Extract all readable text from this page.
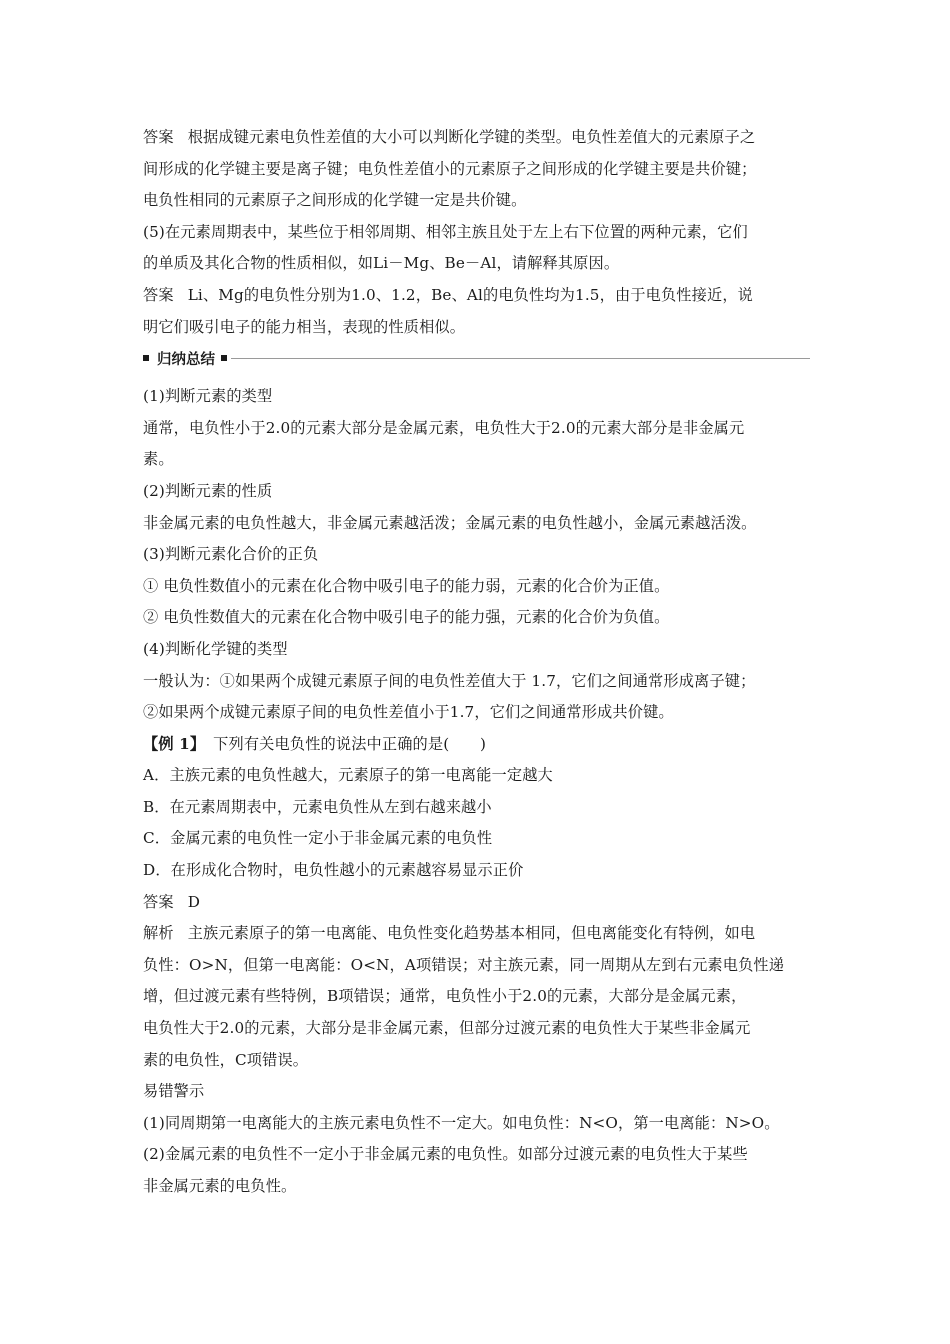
答案 根据成键元素电负性差值的大小可以判断化学键的类型。电负性差值大的元素原子之
间形成的化学键主要是离子键；电负性差值小的元素原子之间形成的化学键主要是共价键；
电负性相同的元素原子之间形成的化学键一定是共价键。
(5)在元素周期表中，某些位于相邻周期、相邻主族且处于左上右下位置的两种元素，它们
的单质及其化合物的性质相似，如Li－Mg、Be－Al，请解释其原因。
答案 Li、Mg的电负性分别为1.0、1.2，Be、Al的电负性均为1.5，由于电负性接近，说
明它们吸引电子的能力相当，表现的性质相似。
归纳总结
(1)判断元素的类型
通常，电负性小于2.0的元素大部分是金属元素，电负性大于2.0的元素大部分是非金属元
素。
(2)判断元素的性质
非金属元素的电负性越大，非金属元素越活泼；金属元素的电负性越小，金属元素越活泼。
(3)判断元素化合价的正负
① 电负性数值小的元素在化合物中吸引电子的能力弱，元素的化合价为正值。
② 电负性数值大的元素在化合物中吸引电子的能力强，元素的化合价为负值。
(4)判断化学键的类型
一般认为：①如果两个成键元素原子间的电负性差值大于 1.7，它们之间通常形成离子键；
②如果两个成键元素原子间的电负性差值小于1.7，它们之间通常形成共价键。
【例 1】 下列有关电负性的说法中正确的是(　　)
A．主族元素的电负性越大，元素原子的第一电离能一定越大
B．在元素周期表中，元素电负性从左到右越来越小
C．金属元素的电负性一定小于非金属元素的电负性
D．在形成化合物时，电负性越小的元素越容易显示正价
答案 D
解析 主族元素原子的第一电离能、电负性变化趋势基本相同，但电离能变化有特例，如电
负性：O>N，但第一电离能：O<N，A项错误；对主族元素，同一周期从左到右元素电负性递
增，但过渡元素有些特例，B项错误；通常，电负性小于2.0的元素，大部分是金属元素，
电负性大于2.0的元素，大部分是非金属元素，但部分过渡元素的电负性大于某些非金属元
素的电负性，C项错误。
易错警示
(1)同周期第一电离能大的主族元素电负性不一定大。如电负性：N<O，第一电离能：N>O。
(2)金属元素的电负性不一定小于非金属元素的电负性。如部分过渡元素的电负性大于某些
非金属元素的电负性。
